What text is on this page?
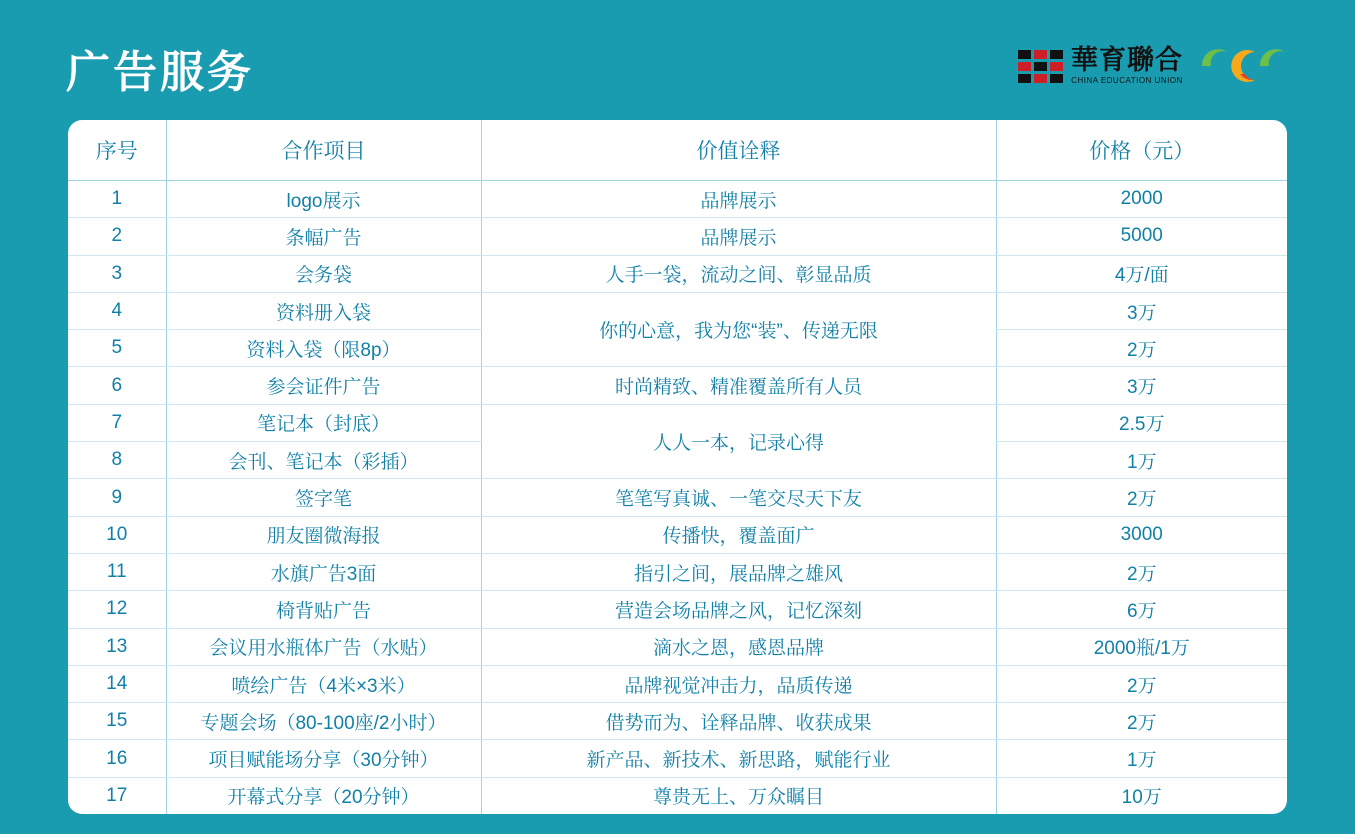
广告服务	華育聯合
CHINA EDUCATION UNION
序号	合作项目	价值诠释	价格（元）
1	logo展示	品牌展示	2000
2	条幅广告	品牌展示	5000
3	会务袋	人手一袋，流动之间、彰显品质	4万/面
4	资料册入袋	你的心意，我为您“装”、传递无限	3万
5	资料入袋（限8p）		2万
6	参会证件广告	时尚精致、精准覆盖所有人员	3万
7	笔记本（封底）	人人一本，记录心得	2.5万
8	会刊、笔记本（彩插）		1万
9	签字笔	笔笔写真诚、一笔交尽天下友	2万
10	朋友圈微海报	传播快，覆盖面广	3000
11	水旗广告3面	指引之间，展品牌之雄风	2万
12	椅背贴广告	营造会场品牌之风，记忆深刻	6万
13	会议用水瓶体广告（水贴）	滴水之恩，感恩品牌	2000瓶/1万
14	喷绘广告（4米×3米）	品牌视觉冲击力，品质传递	2万
15	专题会场（80-100座/2小时）	借势而为、诠释品牌、收获成果	2万
16	项目赋能场分享（30分钟）	新产品、新技术、新思路，赋能行业	1万
17	开幕式分享（20分钟）	尊贵无上、万众瞩目	10万
